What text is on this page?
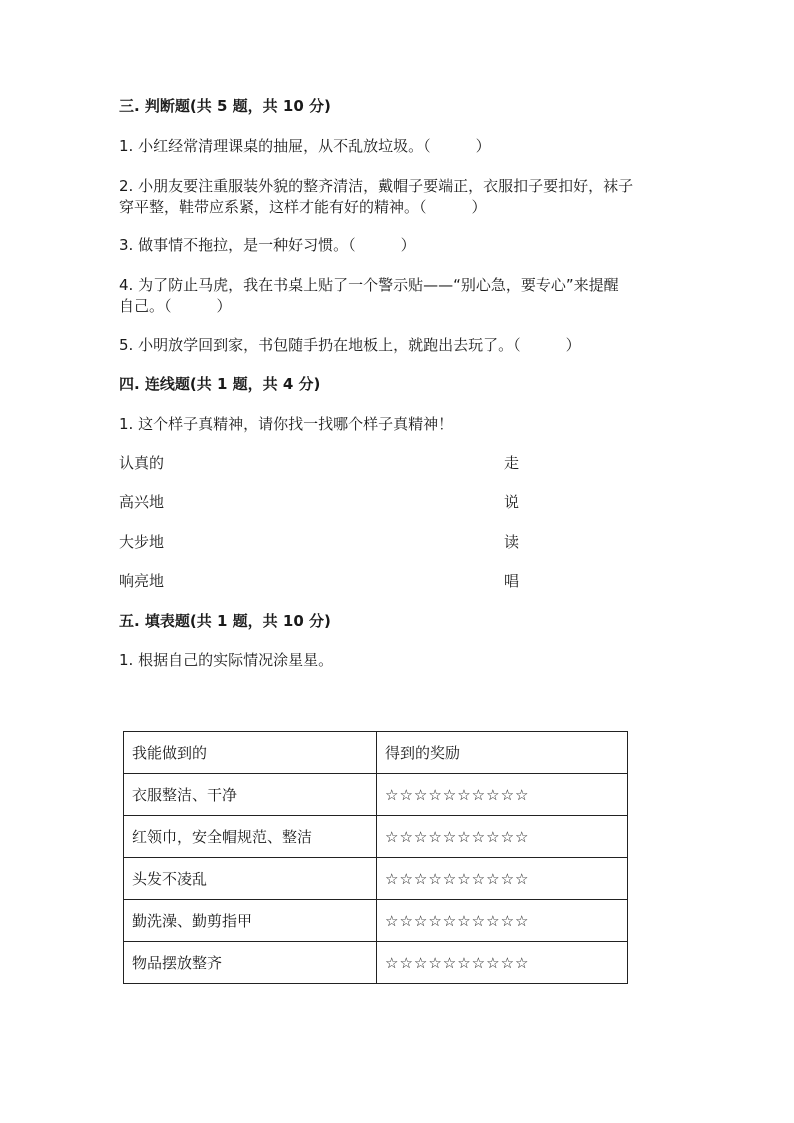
三. 判断题(共 5 题，共 10 分)
1. 小红经常清理课桌的抽屉，从不乱放垃圾。（　　　）
2. 小朋友要注重服装外貌的整齐清洁，戴帽子要端正，衣服扣子要扣好，袜子
穿平整，鞋带应系紧，这样才能有好的精神。（　　　）
3. 做事情不拖拉，是一种好习惯。（　　　）
4. 为了防止马虎，我在书桌上贴了一个警示贴——“别心急，要专心”来提醒
自己。（　　　）
5. 小明放学回到家，书包随手扔在地板上，就跑出去玩了。（　　　）
四. 连线题(共 1 题，共 4 分)
1. 这个样子真精神，请你找一找哪个样子真精神！
认真的	走
高兴地	说
大步地	读
响亮地	唱
五. 填表题(共 1 题，共 10 分)
1. 根据自己的实际情况涂星星。
我能做到的	得到的奖励
衣服整洁、干净	☆☆☆☆☆☆☆☆☆☆
红领巾，安全帽规范、整洁	☆☆☆☆☆☆☆☆☆☆
头发不凌乱	☆☆☆☆☆☆☆☆☆☆
勤洗澡、勤剪指甲	☆☆☆☆☆☆☆☆☆☆
物品摆放整齐	☆☆☆☆☆☆☆☆☆☆
